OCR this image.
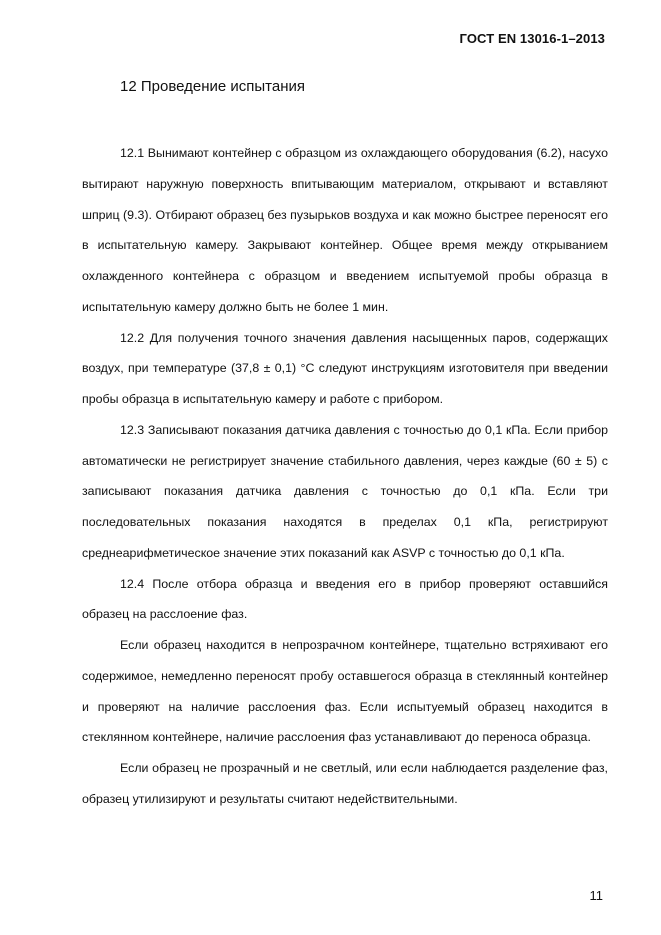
ГОСТ EN 13016-1–2013
12 Проведение испытания

12.1 Вынимают контейнер с образцом из охлаждающего оборудования (6.2), насухо вытирают наружную поверхность впитывающим материалом, открывают и вставляют шприц (9.3). Отбирают образец без пузырьков воздуха и как можно быстрее переносят его в испытательную камеру. Закрывают контейнер. Общее время между открыванием охлажденного контейнера с образцом и введением испытуемой пробы образца в испытательную камеру должно быть не более 1 мин.

12.2 Для получения точного значения давления насыщенных паров, содержащих воздух, при температуре (37,8 ± 0,1) °С следуют инструкциям изготовителя при введении пробы образца в испытательную камеру и работе с прибором.

12.3 Записывают показания датчика давления с точностью до 0,1 кПа. Если прибор автоматически не регистрирует значение стабильного давления, через каждые (60 ± 5) с записывают показания датчика давления с точностью до 0,1 кПа. Если три последовательных показания находятся в пределах 0,1 кПа, регистрируют среднеарифметическое значение этих показаний как ASVP с точностью до 0,1 кПа.

12.4 После отбора образца и введения его в прибор проверяют оставшийся образец на расслоение фаз.

Если образец находится в непрозрачном контейнере, тщательно встряхивают его содержимое, немедленно переносят пробу оставшегося образца в стеклянный контейнер и проверяют на наличие расслоения фаз. Если испытуемый образец находится в стеклянном контейнере, наличие расслоения фаз устанавливают до переноса образца.

Если образец не прозрачный и не светлый, или если наблюдается разделение фаз, образец утилизируют и результаты считают недействительными.

11
